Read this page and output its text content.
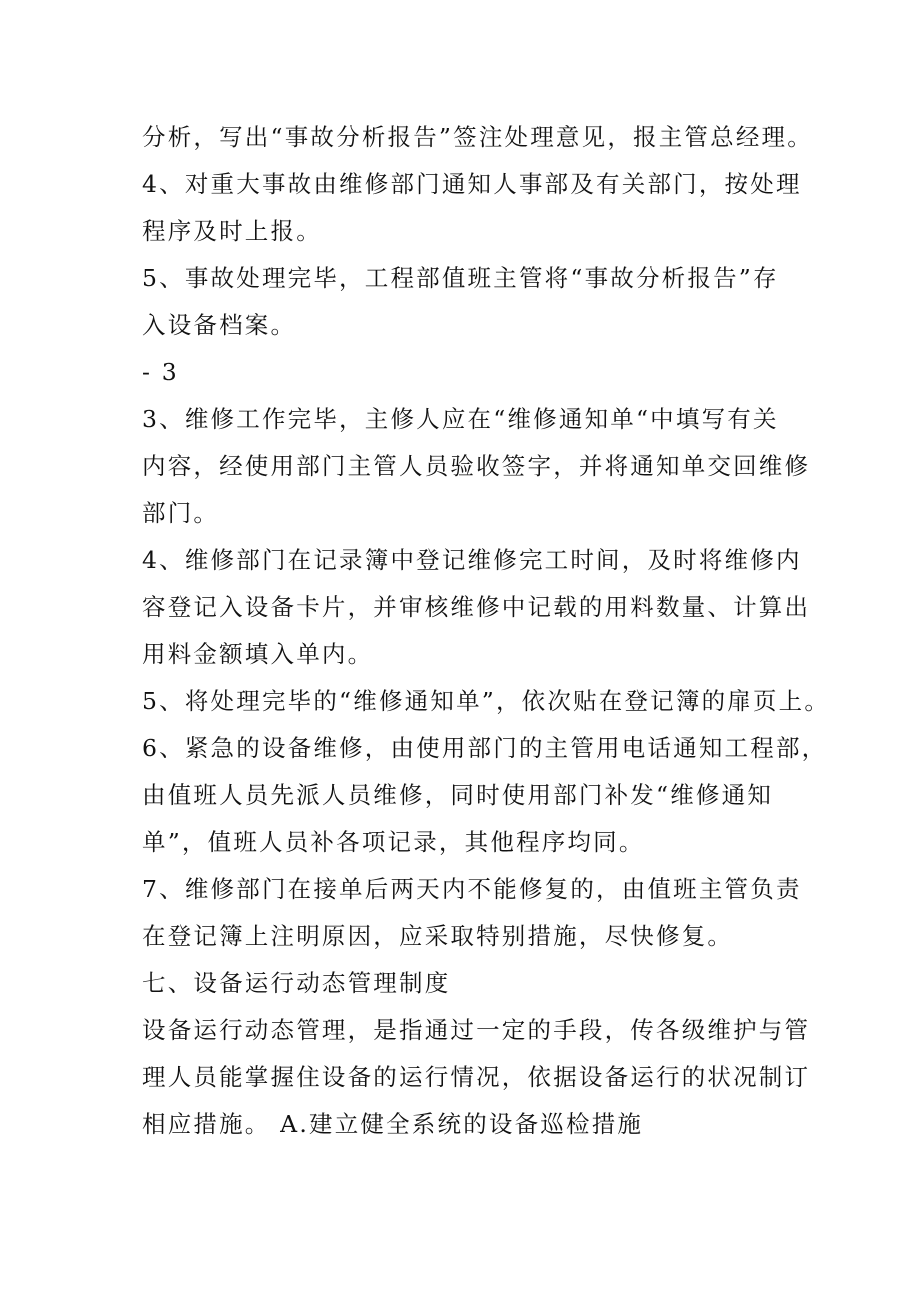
分析，写出“事故分析报告”签注处理意见，报主管总经理。
4、对重大事故由维修部门通知人事部及有关部门，按处理
程序及时上报。
5、事故处理完毕，工程部值班主管将“事故分析报告”存
入设备档案。
- 3
3、维修工作完毕，主修人应在“维修通知单“中填写有关
内容，经使用部门主管人员验收签字，并将通知单交回维修
部门。
4、维修部门在记录簿中登记维修完工时间，及时将维修内
容登记入设备卡片，并审核维修中记载的用料数量、计算出
用料金额填入单内。
5、将处理完毕的“维修通知单”，依次贴在登记簿的扉页上。
6、紧急的设备维修，由使用部门的主管用电话通知工程部，
由值班人员先派人员维修，同时使用部门补发“维修通知
单”，值班人员补各项记录，其他程序均同。
7、维修部门在接单后两天内不能修复的，由值班主管负责
在登记簿上注明原因，应采取特别措施，尽快修复。
七、设备运行动态管理制度
设备运行动态管理，是指通过一定的手段，传各级维护与管
理人员能掌握住设备的运行情况，依据设备运行的状况制订
相应措施。 A.建立健全系统的设备巡检措施
